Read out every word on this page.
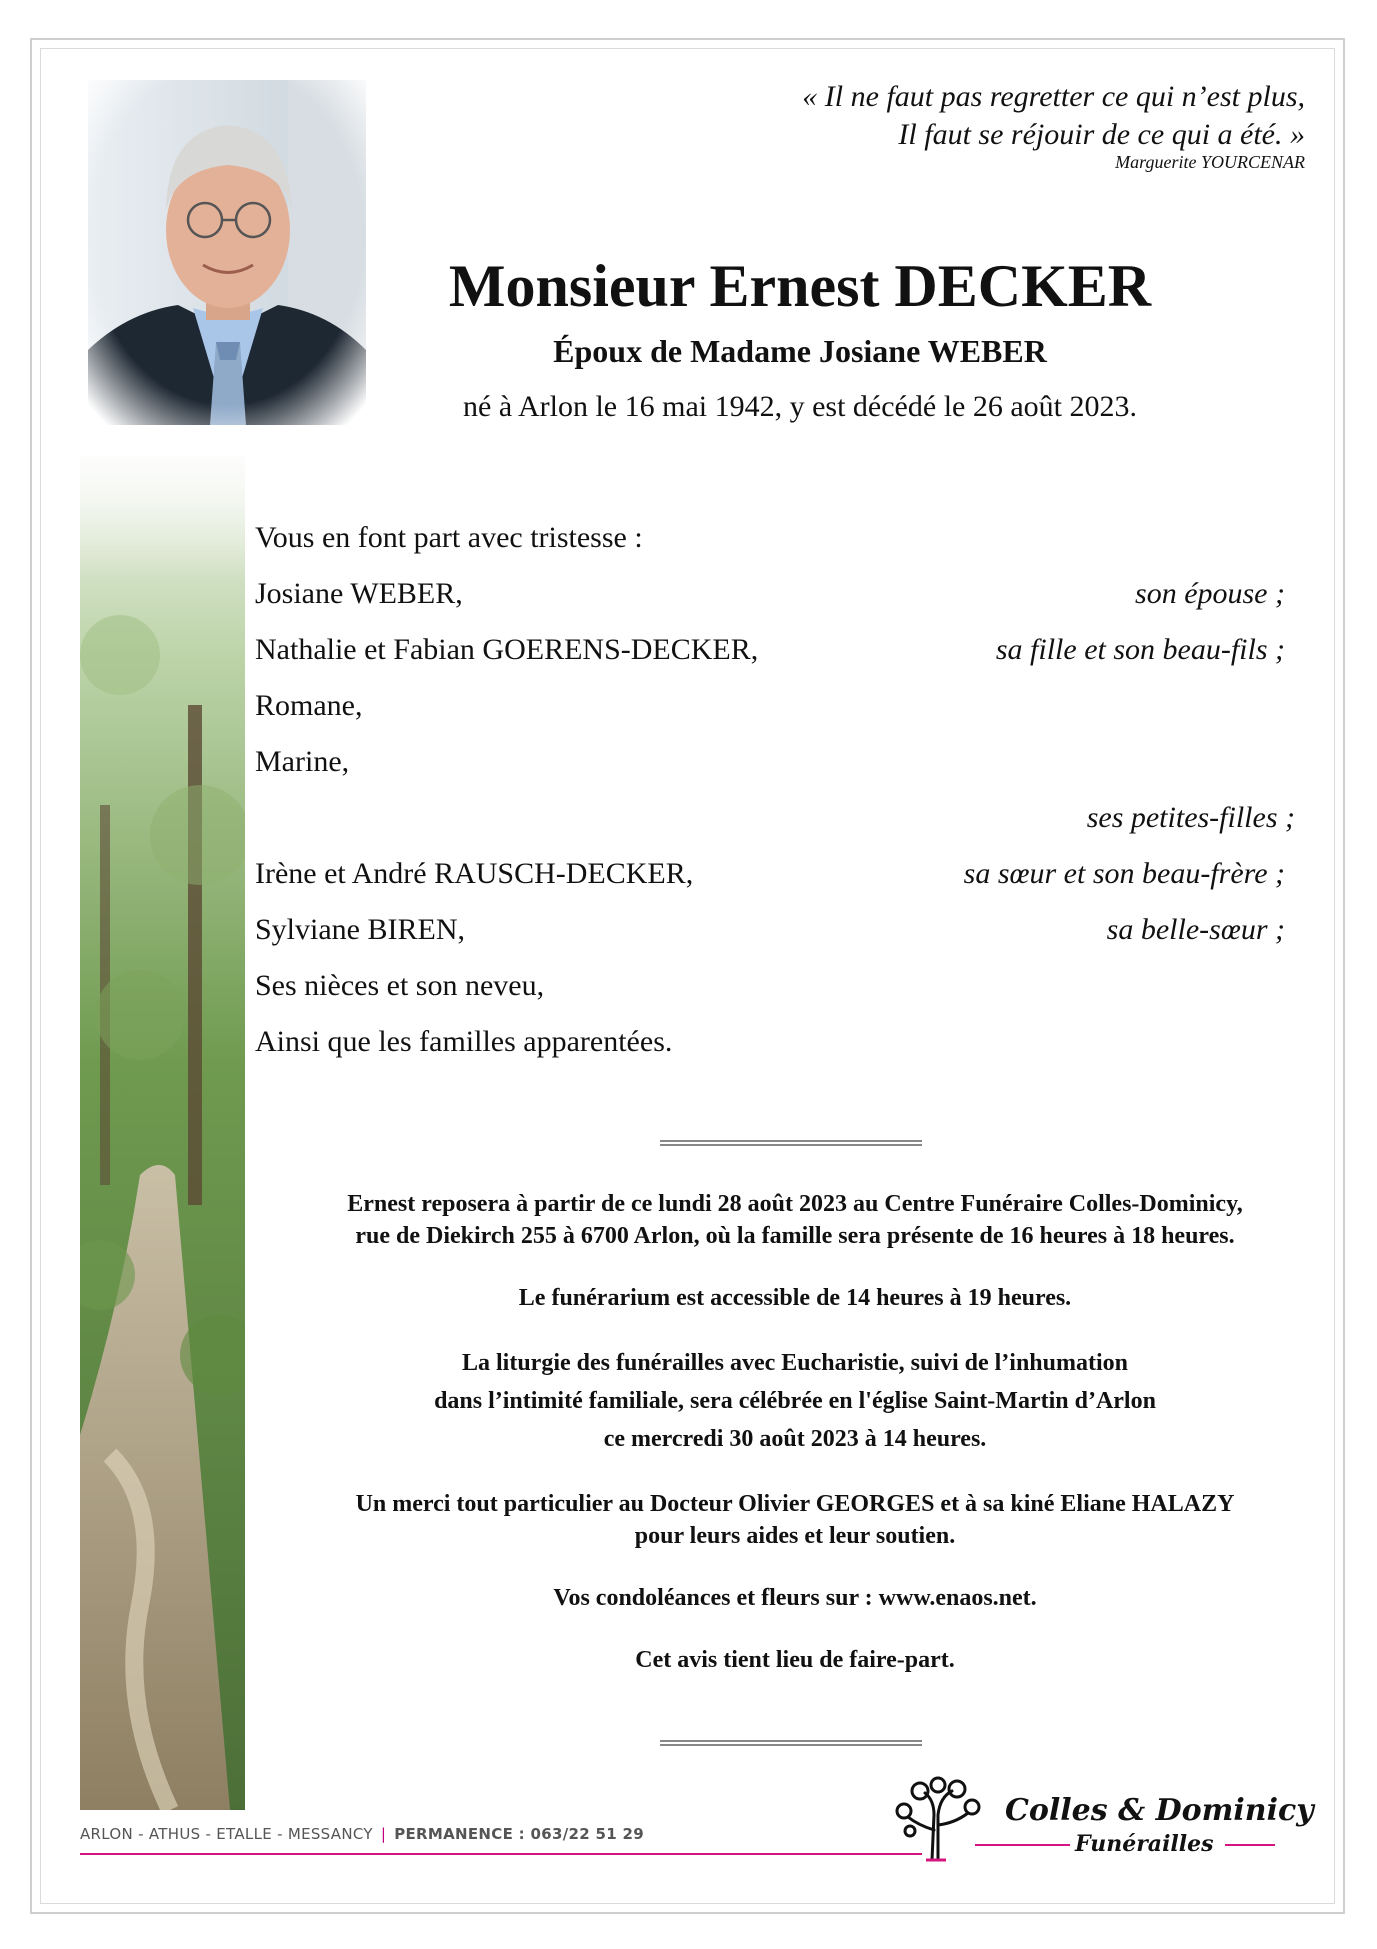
« Il ne faut pas regretter ce qui n’est plus,
Il faut se réjouir de ce qui a été. »
Marguerite YOURCENAR
Monsieur Ernest DECKER
Époux de Madame Josiane WEBER
né à Arlon le 16 mai 1942, y est décédé le 26 août 2023.
Vous en font part avec tristesse :
Josiane WEBER,	son épouse ;
Nathalie et Fabian GOERENS-DECKER,	sa fille et son beau-fils ;
Romane,
Marine,
ses petites-filles ;
Irène et André RAUSCH-DECKER,	sa sœur et son beau-frère ;
Sylviane BIREN,	sa belle-sœur ;
Ses nièces et son neveu,
Ainsi que les familles apparentées.

Ernest reposera à partir de ce lundi 28 août 2023 au Centre Funéraire Colles-Dominicy,

rue de Diekirch 255 à 6700 Arlon, où la famille sera présente de 16 heures à 18 heures.

Le funérarium est accessible de 14 heures à 19 heures.

La liturgie des funérailles avec Eucharistie, suivi de l’inhumation

dans l’intimité familiale, sera célébrée en l'église Saint-Martin d’Arlon

ce mercredi 30 août 2023 à 14 heures.

Un merci tout particulier au Docteur Olivier GEORGES et à sa kiné Eliane HALAZY

pour leurs aides et leur soutien.

Vos condoléances et fleurs sur : www.enaos.net.

Cet avis tient lieu de faire-part.

ARLON - ATHUS - ETALLE - MESSANCY | PERMANENCE : 063/22 51 29
Colles & Dominicy
Funérailles
